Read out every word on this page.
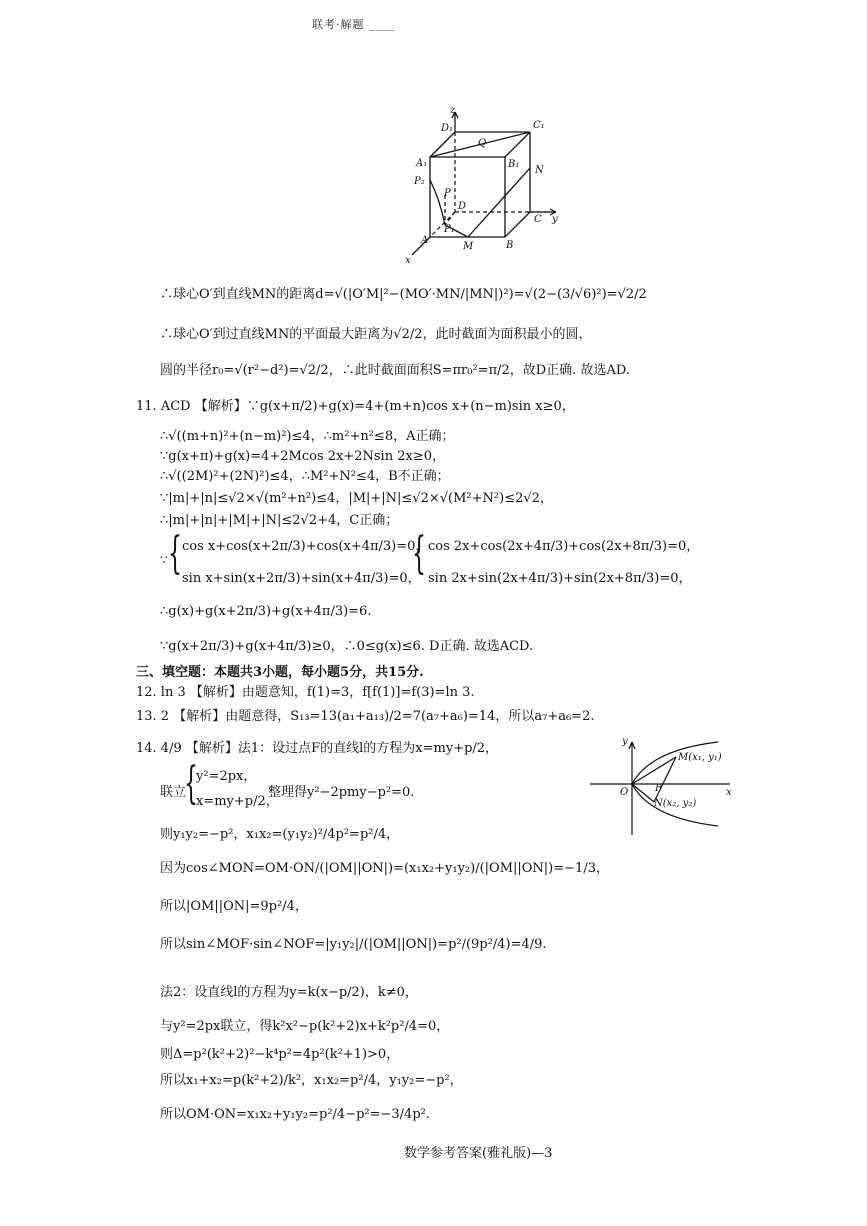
联考·解题 ____
z
D₁	C₁
Q
A₁	B₁
N
P₂
P
D
C y
A
P₁
M	B
x
∴球心O′到直线MN的距离d=√(|O′M|²−(MO′·MN/|MN|)²)=√(2−(3/√6)²)=√2/2
∴球心O′到过直线MN的平面最大距离为√2/2，此时截面为面积最小的圆，
圆的半径r₀=√(r²−d²)=√2/2，∴此时截面面积S=πr₀²=π/2，故D正确. 故选AD.
11. ACD 【解析】∵g(x+π/2)+g(x)=4+(m+n)cos x+(n−m)sin x≥0，
∴√((m+n)²+(n−m)²)≤4，∴m²+n²≤8，A正确；
∵g(x+π)+g(x)=4+2Mcos 2x+2Nsin 2x≥0，
∴√((2M)²+(2N)²)≤4，∴M²+N²≤4，B不正确；
∵|m|+|n|≤√2×√(m²+n²)≤4，|M|+|N|≤√2×√(M²+N²)≤2√2，
∴|m|+|n|+|M|+|N|≤2√2+4，C正确；
{
∵
cos x+cos(x+2π/3)+cos(x+4π/3)=0，
{ cos 2x+cos(2x+4π/3)+cos(2x+8π/3)=0，
sin x+sin(x+2π/3)+sin(x+4π/3)=0， sin 2x+sin(2x+4π/3)+sin(2x+8π/3)=0，
∴g(x)+g(x+2π/3)+g(x+4π/3)=6.
∵g(x+2π/3)+g(x+4π/3)≥0，∴0≤g(x)≤6. D正确. 故选ACD.
三、填空题：本题共3小题，每小题5分，共15分.
12. ln 3 【解析】由题意知，f(1)=3，f[f(1)]=f(3)=ln 3.
13. 2 【解析】由题意得，S₁₃=13(a₁+a₁₃)/2=7(a₇+a₆)=14，所以a₇+a₆=2.
14. 4/9 【解析】法1：设过点F的直线l的方程为x=my+p/2，
{
y²=2px，
联立
x=my+p/2，
整理得y²−2pmy−p²=0.
则y₁y₂=−p²，x₁x₂=(y₁y₂)²/4p²=p²/4，
因为cos∠MON=OM·ON/(|OM||ON|)=(x₁x₂+y₁y₂)/(|OM||ON|)=−1/3，
所以|OM||ON|=9p²/4，
所以sin∠MOF·sin∠NOF=|y₁y₂|/(|OM||ON|)=p²/(9p²/4)=4/9.
法2：设直线l的方程为y=k(x−p/2)，k≠0，
与y²=2px联立，得k²x²−p(k²+2)x+k²p²/4=0，
则Δ=p²(k²+2)²−k⁴p²=4p²(k²+1)>0，
所以x₁+x₂=p(k²+2)/k²，x₁x₂=p²/4，y₁y₂=−p²，
所以OM·ON=x₁x₂+y₁y₂=p²/4−p²=−3/4p².
y
M(x₁, y₁)
O	F	x
N(x₂, y₂)
数学参考答案(雅礼版)—3
